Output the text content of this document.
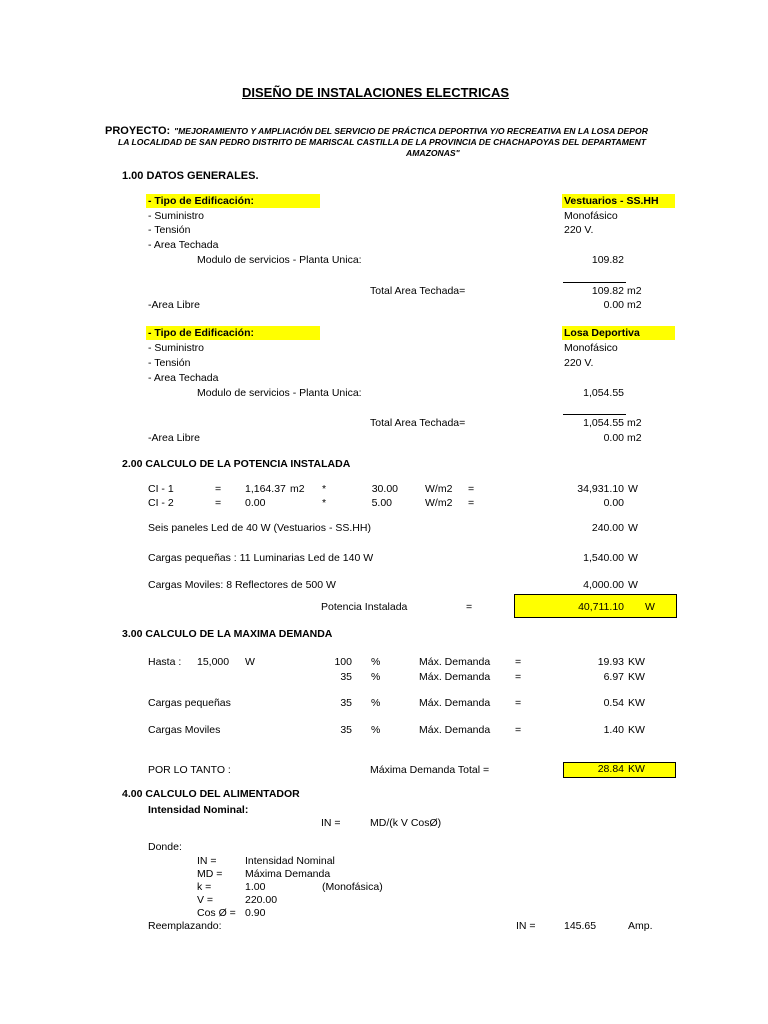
DISEÑO DE INSTALACIONES ELECTRICAS
PROYECTO: "MEJORAMIENTO Y AMPLIACIÓN DEL SERVICIO DE PRÁCTICA DEPORTIVA Y/O RECREATIVA EN LA LOSA DEPOR
LA LOCALIDAD DE SAN PEDRO DISTRITO DE MARISCAL CASTILLA DE LA PROVINCIA DE CHACHAPOYAS DEL DEPARTAMENT
AMAZONAS"
1.00 DATOS GENERALES.
- Tipo de Edificación:	Vestuarios - SS.HH
- Suministro	Monofásico
- Tensión	220 V.
- Area Techada
Modulo de servicios - Planta Unica:	109.82
Total Area Techada=	109.82 m2
-Area Libre	0.00 m2
- Tipo de Edificación:	Losa Deportiva
- Suministro	Monofásico
- Tensión	220 V.
- Area Techada
Modulo de servicios - Planta Unica:	1,054.55
Total Area Techada=	1,054.55 m2
-Area Libre	0.00 m2
2.00 CALCULO DE LA POTENCIA INSTALADA
CI - 1	= 1,164.37 m2 *	30.00	W/m2 =	34,931.10 W
CI - 2	= 0.00	*	5.00	W/m2 =	0.00
Seis paneles Led de 40 W (Vestuarios - SS.HH)	240.00 W
Cargas pequeñas : 11 Luminarias Led de 140 W	1,540.00 W
Cargas Moviles: 8 Reflectores de 500 W	4,000.00 W
Potencia Instalada	=	40,711.10 W
3.00 CALCULO DE LA MAXIMA DEMANDA
Hasta : 15,000 W	100 %	Máx. Demanda =	19.93 KW
35 %	Máx. Demanda =	6.97 KW
Cargas pequeñas	35 %	Máx. Demanda =	0.54 KW
Cargas Moviles	35 %	Máx. Demanda =	1.40 KW
POR LO TANTO :	Máxima Demanda Total =	28.84 KW
4.00 CALCULO DEL ALIMENTADOR
Intensidad Nominal:
IN =	MD/(k V CosØ)
Donde:
IN =	Intensidad Nominal
MD = Máxima Demanda
k =	1.00	(Monofásica)
V =	220.00
Cos Ø = 0.90
Reemplazando:	IN =	145.65	Amp.
